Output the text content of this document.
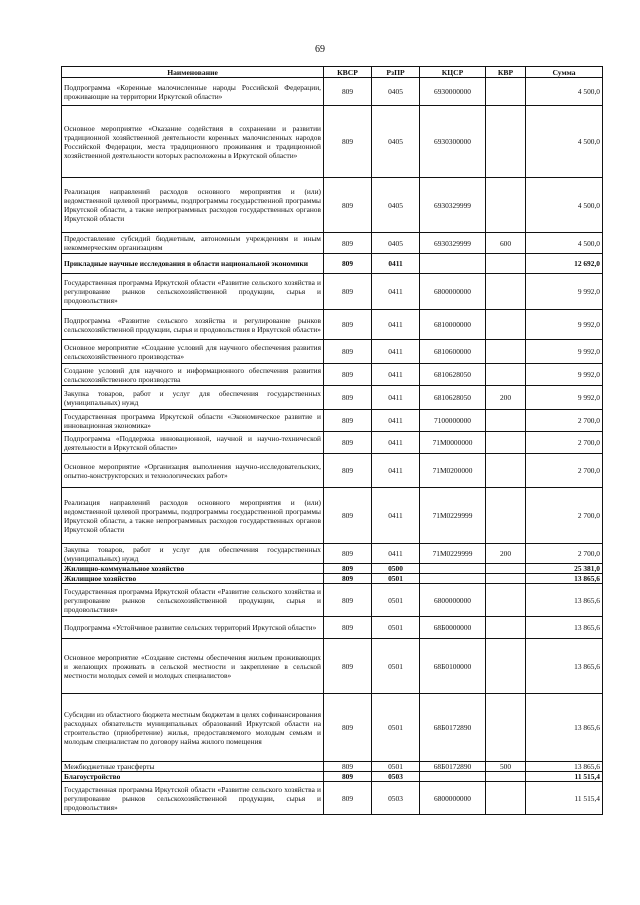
69
Наименование	КВСР	РзПР	КЦСР	КВР	Сумма
Подпрограмма «Коренные малочисленные народы Российской Федерации, проживающие на территории Иркутской области»	809	0405	6930000000		4 500,0
Основное мероприятие «Оказание содействия в сохранении и развитии традиционной хозяйственной деятельности коренных малочисленных народов Российской Федерации, места традиционного проживания и традиционной хозяйственной деятельности которых расположены в Иркутской области»	809	0405	6930300000		4 500,0
Реализация направлений расходов основного мероприятия и (или) ведомственной целевой программы, подпрограммы государственной программы Иркутской области, а также непрограммных расходов государственных органов Иркутской области	809	0405	6930329999		4 500,0
Предоставление субсидий бюджетным, автономным учреждениям и иным некоммерческим организациям	809	0405	6930329999	600	4 500,0
Прикладные научные исследования в области национальной экономики	809	0411			12 692,0
Государственная программа Иркутской области «Развитие сельского хозяйства и регулирование рынков сельскохозяйственной продукции, сырья и продовольствия»	809	0411	6800000000		9 992,0
Подпрограмма «Развитие сельского хозяйства и регулирование рынков сельскохозяйственной продукции, сырья и продовольствия в Иркутской области»	809	0411	6810000000		9 992,0
Основное мероприятие «Создание условий для научного обеспечения развития сельскохозяйственного производства»	809	0411	6810600000		9 992,0
Создание условий для научного и информационного обеспечения развития сельскохозяйственного производства	809	0411	6810628050		9 992,0
Закупка товаров, работ и услуг для обеспечения государственных (муниципальных) нужд	809	0411	6810628050	200	9 992,0
Государственная программа Иркутской области «Экономическое развитие и инновационная экономика»	809	0411	7100000000		2 700,0
Подпрограмма «Поддержка инновационной, научной и научно-технической деятельности в Иркутской области»	809	0411	71М0000000		2 700,0
Основное мероприятие «Организация выполнения научно-исследовательских, опытно-конструкторских и технологических работ»	809	0411	71М0200000		2 700,0
Реализация направлений расходов основного мероприятия и (или) ведомственной целевой программы, подпрограммы государственной программы Иркутской области, а также непрограммных расходов государственных органов Иркутской области	809	0411	71М0229999		2 700,0
Закупка товаров, работ и услуг для обеспечения государственных (муниципальных) нужд	809	0411	71М0229999	200	2 700,0
Жилищно-коммунальное хозяйство	809	0500			25 381,0
Жилищное хозяйство	809	0501			13 865,6
Государственная программа Иркутской области «Развитие сельского хозяйства и регулирование рынков сельскохозяйственной продукции, сырья и продовольствия»	809	0501	6800000000		13 865,6
Подпрограмма «Устойчивое развитие сельских территорий Иркутской области»	809	0501	68Б0000000		13 865,6
Основное мероприятие «Создание системы обеспечения жильем проживающих и желающих проживать в сельской местности и закрепление в сельской местности молодых семей и молодых специалистов»	809	0501	68Б0100000		13 865,6
Субсидии из областного бюджета местным бюджетам в целях софинансирования расходных обязательств муниципальных образований Иркутской области на строительство (приобретение) жилья, предоставляемого молодым семьям и молодым специалистам по договору найма жилого помещения	809	0501	68Б0172890		13 865,6
Межбюджетные трансферты	809	0501	68Б0172890	500	13 865,6
Благоустройство	809	0503			11 515,4
Государственная программа Иркутской области «Развитие сельского хозяйства и регулирование рынков сельскохозяйственной продукции, сырья и продовольствия»	809	0503	6800000000		11 515,4
